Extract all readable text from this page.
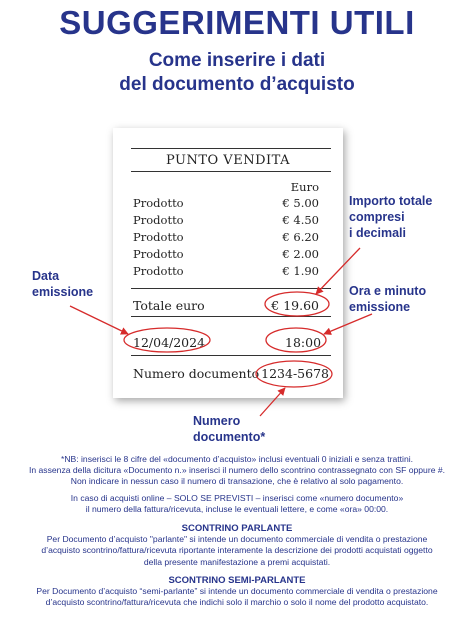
SUGGERIMENTI UTILI
Come inserire i dati
del documento d’acquisto
PUNTO VENDITA
Euro
Prodotto	€ 5.00
Prodotto	€ 4.50
Prodotto	€ 6.20
Prodotto	€ 2.00
Prodotto	€ 1.90
Totale euro	€ 19.60
12/04/2024	18:00
Numero documento 1234-5678
Data
emissione
Importo totale
compresi
i decimali
Ora e minuto
emissione
Numero
documento*

*NB: inserisci le 8 cifre del «documento d’acquisto» inclusi eventuali 0 iniziali e senza trattini.

In assenza della dicitura «Documento n.» inserisci il numero dello scontrino contrassegnato con SF oppure #.

Non indicare in nessun caso il numero di transazione, che è relativo al solo pagamento.

In caso di acquisti online – SOLO SE PREVISTI – inserisci come «numero documento»

il numero della fattura/ricevuta, incluse le eventuali lettere, e come «ora» 00:00.

SCONTRINO PARLANTE

Per Documento d’acquisto "parlante" si intende un documento commerciale di vendita o prestazione

d’acquisto scontrino/fattura/ricevuta riportante interamente la descrizione dei prodotti acquistati oggetto

della presente manifestazione a premi acquistati.

SCONTRINO SEMI-PARLANTE

Per Documento d’acquisto “semi-parlante” si intende un documento commerciale di vendita o prestazione

d’acquisto scontrino/fattura/ricevuta che indichi solo il marchio o solo il nome del prodotto acquistato.
